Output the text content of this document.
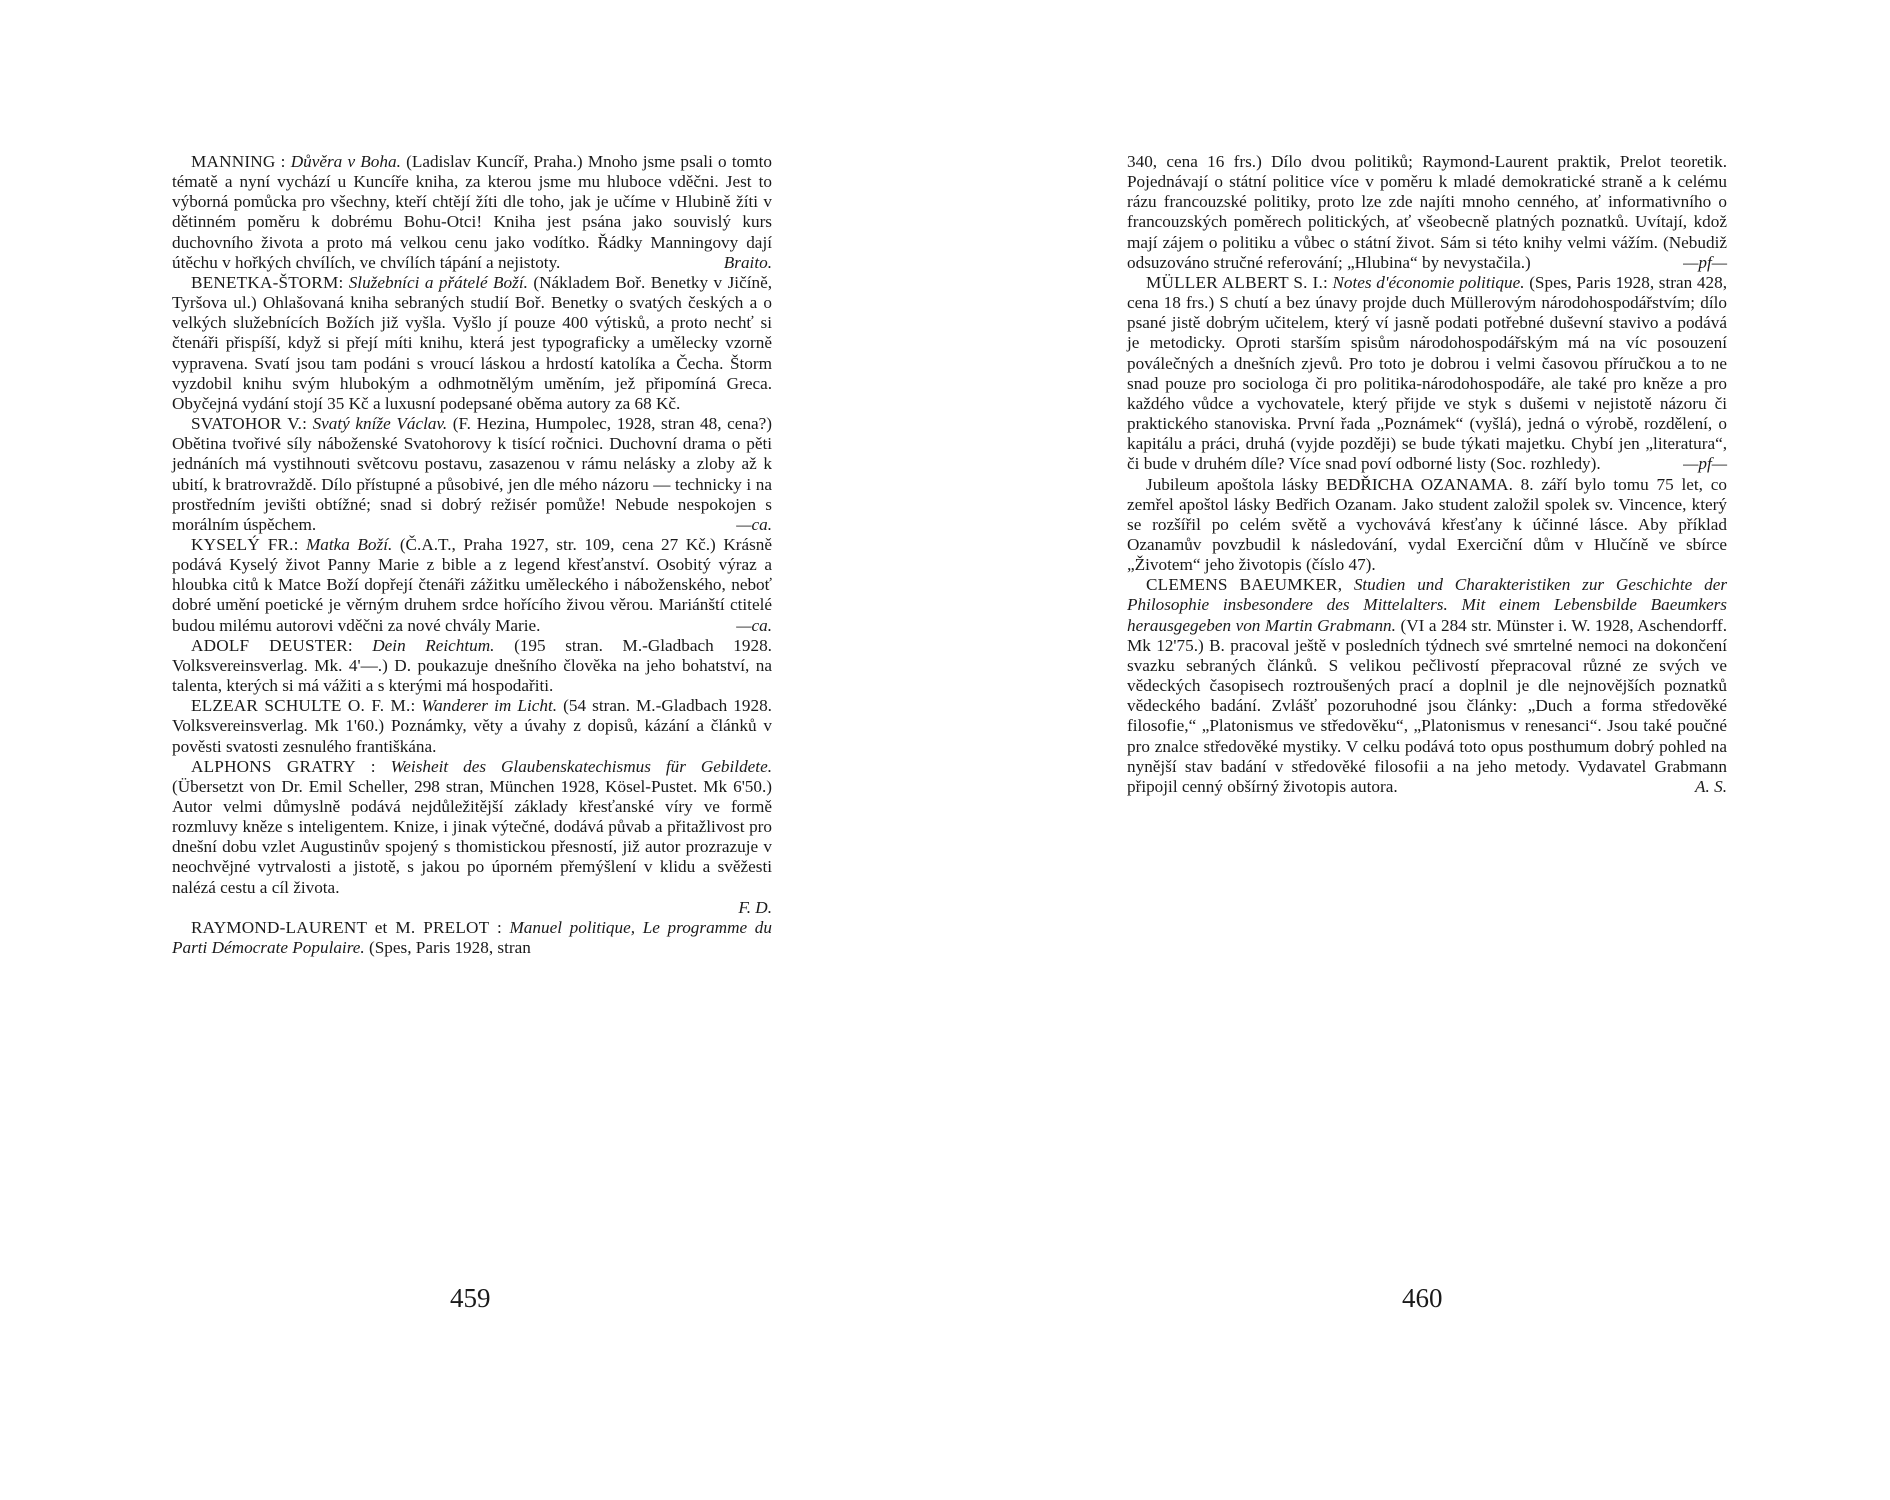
MANNING : Důvěra v Boha. (Ladislav Kuncíř, Praha.) Mnoho jsme psali o tomto tématě a nyní vychází u Kuncíře kniha, za kterou jsme mu hluboce vděčni. Jest to výborná pomůcka pro všechny, kteří chtějí žíti dle toho, jak je učíme v Hlubině žíti v dětinném poměru k dobrému Bohu-Otci! Kniha jest psána jako souvislý kurs duchovního života a proto má velkou cenu jako vodítko. Řádky Manningovy dají útěchu v hořkých chvílích, ve chvílích tápání a nejistoty.	Braito.

BENETKA-ŠTORM: Služebníci a přátelé Boží. (Nákladem Boř. Benetky v Jičíně, Tyršova ul.) Ohlašovaná kniha sebraných studií Boř. Benetky o svatých českých a o velkých služebnících Božích již vyšla. Vyšlo jí pouze 400 výtisků, a proto nechť si čtenáři přispíší, když si přejí míti knihu, která jest typograficky a umělecky vzorně vypravena. Svatí jsou tam podáni s vroucí láskou a hrdostí katolíka a Čecha. Štorm vyzdobil knihu svým hlubokým a odhmotnělým uměním, jež připomíná Greca. Obyčejná vydání stojí 35 Kč a luxusní podepsané oběma autory za 68 Kč.

SVATOHOR V.: Svatý kníže Václav. (F. Hezina, Humpolec, 1928, stran 48, cena?) Obětina tvořivé síly náboženské Svatohorovy k tisící ročnici. Duchovní drama o pěti jednáních má vystihnouti světcovu postavu, zasazenou v rámu nelásky a zloby až k ubití, k bratrovraždě. Dílo přístupné a působivé, jen dle mého názoru — technicky i na prostředním jevišti obtížné; snad si dobrý režisér pomůže! Nebude nespokojen s morálním úspěchem.	—ca.

KYSELÝ FR.: Matka Boží. (Č.A.T., Praha 1927, str. 109, cena 27 Kč.) Krásně podává Kyselý život Panny Marie z bible a z legend křesťanství. Osobitý výraz a hloubka citů k Matce Boží dopřejí čtenáři zážitku uměleckého i náboženského, neboť dobré umění poetické je věrným druhem srdce hořícího živou věrou. Mariánští ctitelé budou milému autorovi vděčni za nové chvály Marie.	—ca.

ADOLF DEUSTER: Dein Reichtum. (195 stran. M.-Gladbach 1928. Volksvereinsverlag. Mk. 4'—.) D. poukazuje dnešního člověka na jeho bohatství, na talenta, kterých si má vážiti a s kterými má hospodařiti.

ELZEAR SCHULTE O. F. M.: Wanderer im Licht. (54 stran. M.-Gladbach 1928. Volksvereinsverlag. Mk 1'60.) Poznámky, věty a úvahy z dopisů, kázání a článků v pověsti svatosti zesnulého františkána.

ALPHONS GRATRY : Weisheit des Glaubenskatechismus für Gebildete. (Übersetzt von Dr. Emil Scheller, 298 stran, München 1928, Kösel-Pustet. Mk 6'50.) Autor velmi důmyslně podává nejdůležitější základy křesťanské víry ve formě rozmluvy kněze s inteligentem. Knize, i jinak výtečné, dodává půvab a přitažlivost pro dnešní dobu vzlet Augustinův spojený s thomistickou přesností, již autor prozrazuje v neochvějné vytrvalosti a jistotě, s jakou po úporném přemýšlení v klidu a svěžesti nalézá cestu a cíl života.

F. D.

RAYMOND-LAURENT et M. PRELOT : Manuel politique, Le programme du Parti Démocrate Populaire. (Spes, Paris 1928, stran

340, cena 16 frs.) Dílo dvou politiků; Raymond-Laurent praktik, Prelot teoretik. Pojednávají o státní politice více v poměru k mladé demokratické straně a k celému rázu francouzské politiky, proto lze zde najíti mnoho cenného, ať informativního o francouzských poměrech politických, ať všeobecně platných poznatků. Uvítají, kdož mají zájem o politiku a vůbec o státní život. Sám si této knihy velmi vážím. (Nebudiž odsuzováno stručné referování; „Hlubina“ by nevystačila.)	—pf—

MÜLLER ALBERT S. I.: Notes d'économie politique. (Spes, Paris 1928, stran 428, cena 18 frs.) S chutí a bez únavy projde duch Müllerovým národohospodářstvím; dílo psané jistě dobrým učitelem, který ví jasně podati potřebné duševní stavivo a podává je metodicky. Oproti starším spisům národohospodářským má na víc posouzení poválečných a dnešních zjevů. Pro toto je dobrou i velmi časovou příručkou a to ne snad pouze pro sociologa či pro politika-národohospodáře, ale také pro kněze a pro každého vůdce a vychovatele, který přijde ve styk s dušemi v nejistotě názoru či praktického stanoviska. První řada „Poznámek“ (vyšlá), jedná o výrobě, rozdělení, o kapitálu a práci, druhá (vyjde později) se bude týkati majetku. Chybí jen „literatura“, či bude v druhém díle? Více snad poví odborné listy (Soc. rozhledy).	—pf—

Jubileum apoštola lásky BEDŘICHA OZANAMA. 8. září bylo tomu 75 let, co zemřel apoštol lásky Bedřich Ozanam. Jako student založil spolek sv. Vincence, který se rozšířil po celém světě a vychovává křesťany k účinné lásce. Aby příklad Ozanamův povzbudil k následování, vydal Exerciční dům v Hlučíně ve sbírce „Životem“ jeho životopis (číslo 47).

CLEMENS BAEUMKER, Studien und Charakteristiken zur Geschichte der Philosophie insbesondere des Mittelalters. Mit einem Lebensbilde Baeumkers herausgegeben von Martin Grabmann. (VI a 284 str. Münster i. W. 1928, Aschendorff. Mk 12'75.) B. pracoval ještě v posledních týdnech své smrtelné nemoci na dokončení svazku sebraných článků. S velikou pečlivostí přepracoval různé ze svých ve vědeckých časopisech roztroušených prací a doplnil je dle nejnovějších poznatků vědeckého badání. Zvlášť pozoruhodné jsou články: „Duch a forma středověké filosofie,“ „Platonismus ve středověku“, „Platonismus v renesanci“. Jsou také poučné pro znalce středověké mystiky. V celku podává toto opus posthumum dobrý pohled na nynější stav badání v středověké filosofii a na jeho metody. Vydavatel Grabmann připojil cenný obšírný životopis autora.	A. S.

459	460
